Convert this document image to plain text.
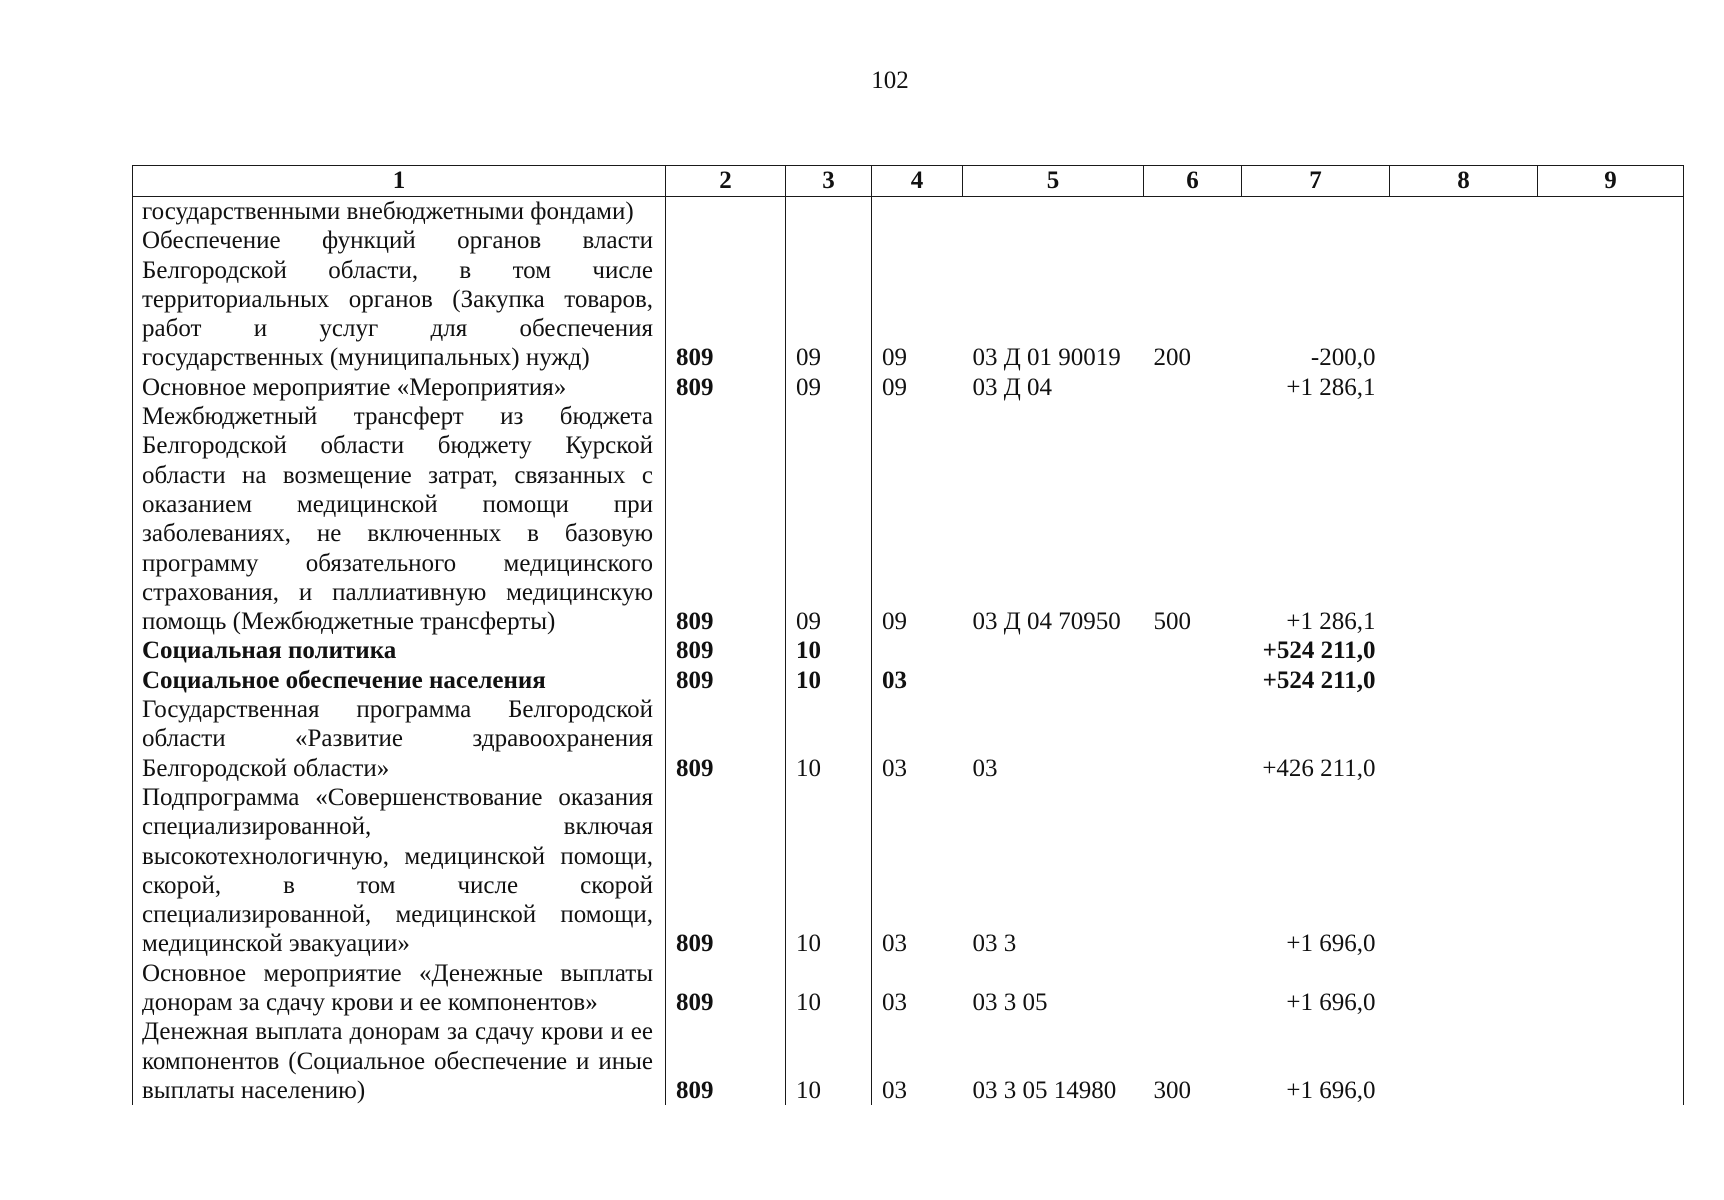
102
1	2	3	4	5	6	7	8	9

государственными внебюджетными фондами)								

Обеспечение функций органов власти Белгородской области, в том числе территориальных органов (Закупка товаров, работ и услуг для обеспечения государственных (муниципальных) нужд)	809	09	09	03 Д 01 90019	200	-200,0		

Основное мероприятие «Мероприятия»	809	09	09	03 Д 04		+1 286,1		

Межбюджетный трансферт из бюджета Белгородской области бюджету Курской области на возмещение затрат, связанных с оказанием медицинской помощи при заболеваниях, не включенных в базовую программу обязательного медицинского страхования, и паллиативную медицинскую помощь (Межбюджетные трансферты)	809	09	09	03 Д 04 70950	500	+1 286,1		

Социальная политика	809	10				+524 211,0		

Социальное обеспечение населения	809	10	03			+524 211,0		

Государственная программа Белгородской области «Развитие здравоохранения Белгородской области»	809	10	03	03		+426 211,0		

Подпрограмма «Совершенствование оказания специализированной, включая высокотехнологичную, медицинской помощи, скорой, в том числе скорой специализированной, медицинской помощи, медицинской эвакуации»	809	10	03	03 3		+1 696,0		

Основное мероприятие «Денежные выплаты донорам за сдачу крови и ее компонентов»	809	10	03	03 3 05		+1 696,0		

Денежная выплата донорам за сдачу крови и ее компонентов (Социальное обеспечение и иные выплаты населению)	809	10	03	03 3 05 14980	300	+1 696,0		
